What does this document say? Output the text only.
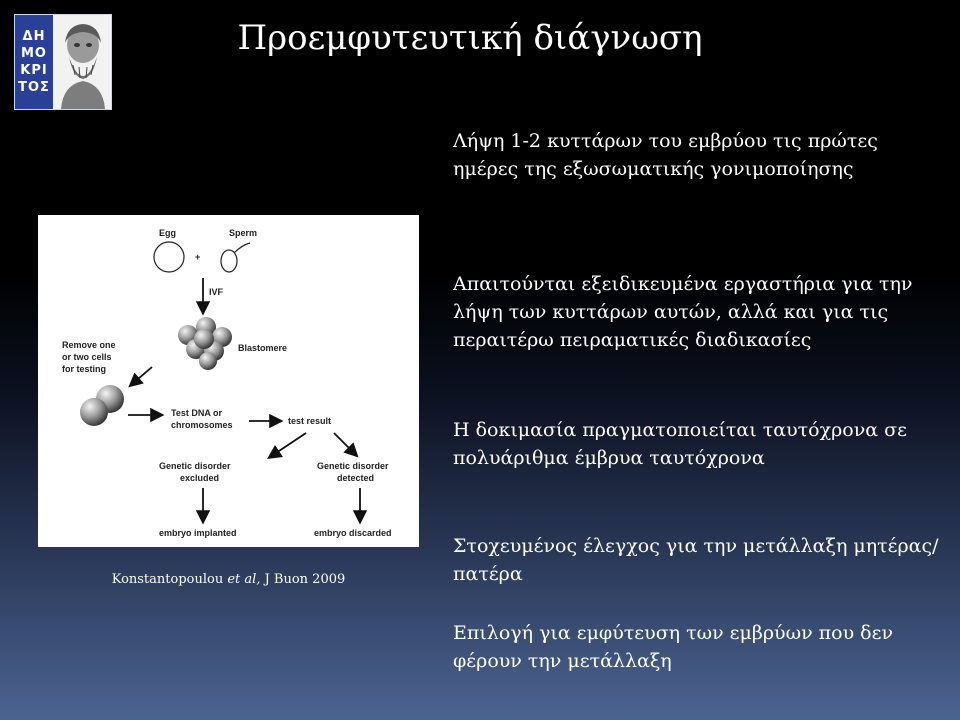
ΔΗ
ΜΟ
ΚΡΙ
ΤΟΣ
Προεμφυτευτική διάγνωση
Egg
+
Sperm
IVF
Blastomere
Remove one
or two cells
for testing
Test DNA or
chromosomes	test result
Genetic disorder
excluded
Genetic disorder
detected
embryo implanted	embryo discarded
Konstantopoulou et al, J Buon 2009

Λήψη 1-2 κυττάρων του εμβρύου τις πρώτες ημέρες της εξωσωματικής γονιμοποίησης

Απαιτούνται εξειδικευμένα εργαστήρια για την λήψη των κυττάρων αυτών, αλλά και για τις περαιτέρω πειραματικές διαδικασίες

Η δοκιμασία πραγματοποιείται ταυτόχρονα σε πολυάριθμα έμβρυα ταυτόχρονα

Στοχευμένος έλεγχος για την μετάλλαξη μητέρας/πατέρα

Επιλογή για εμφύτευση των εμβρύων που δεν φέρουν την μετάλλαξη
